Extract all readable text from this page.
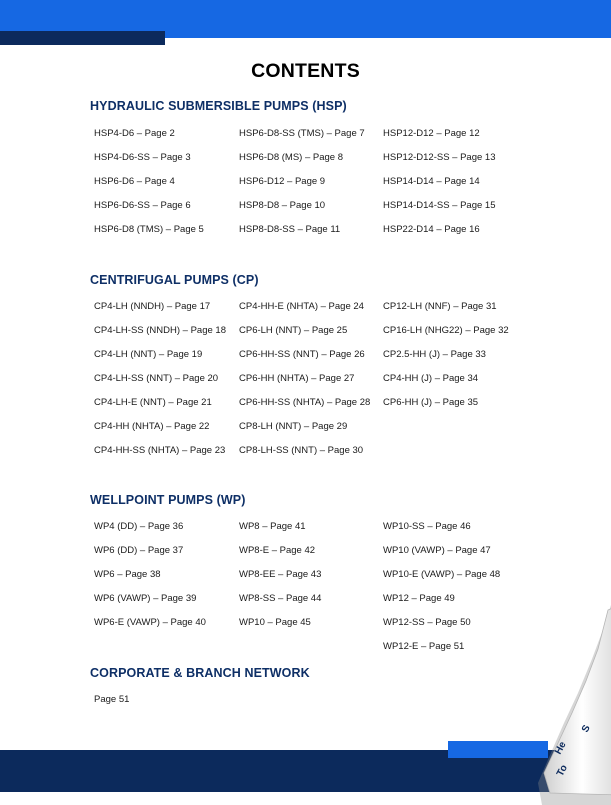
CONTENTS
HYDRAULIC SUBMERSIBLE PUMPS (HSP)
HSP4-D6 – Page 2
HSP4-D6-SS – Page 3
HSP6-D6 – Page 4
HSP6-D6-SS – Page 6
HSP6-D8 (TMS) – Page 5
HSP6-D8-SS (TMS) – Page 7
HSP6-D8 (MS) – Page 8
HSP6-D12 – Page 9
HSP8-D8 – Page 10
HSP8-D8-SS – Page 11
HSP12-D12 – Page 12
HSP12-D12-SS – Page 13
HSP14-D14 – Page 14
HSP14-D14-SS – Page 15
HSP22-D14 – Page 16
CENTRIFUGAL PUMPS (CP)
CP4-LH (NNDH) – Page 17
CP4-LH-SS (NNDH) – Page 18
CP4-LH (NNT) – Page 19
CP4-LH-SS (NNT) – Page 20
CP4-LH-E (NNT) – Page 21
CP4-HH (NHTA) – Page 22
CP4-HH-SS (NHTA) – Page 23
CP4-HH-E (NHTA) – Page 24
CP6-LH (NNT) – Page 25
CP6-HH-SS (NNT) – Page 26
CP6-HH (NHTA) – Page 27
CP6-HH-SS (NHTA) – Page 28
CP8-LH (NNT) – Page 29
CP8-LH-SS (NNT) – Page 30
CP12-LH (NNF) – Page 31
CP16-LH (NHG22) – Page 32
CP2.5-HH (J) – Page 33
CP4-HH (J) – Page 34
CP6-HH (J) – Page 35
WELLPOINT PUMPS (WP)
WP4 (DD) – Page 36
WP6 (DD) – Page 37
WP6 – Page 38
WP6 (VAWP) – Page 39
WP6-E (VAWP) – Page 40
WP8 – Page 41
WP8-E – Page 42
WP8-EE – Page 43
WP8-SS – Page 44
WP10 – Page 45
WP10-SS – Page 46
WP10 (VAWP) – Page 47
WP10-E (VAWP) – Page 48
WP12 – Page 49
WP12-SS – Page 50
WP12-E – Page 51
CORPORATE & BRANCH NETWORK
Page 51
S
He
To
